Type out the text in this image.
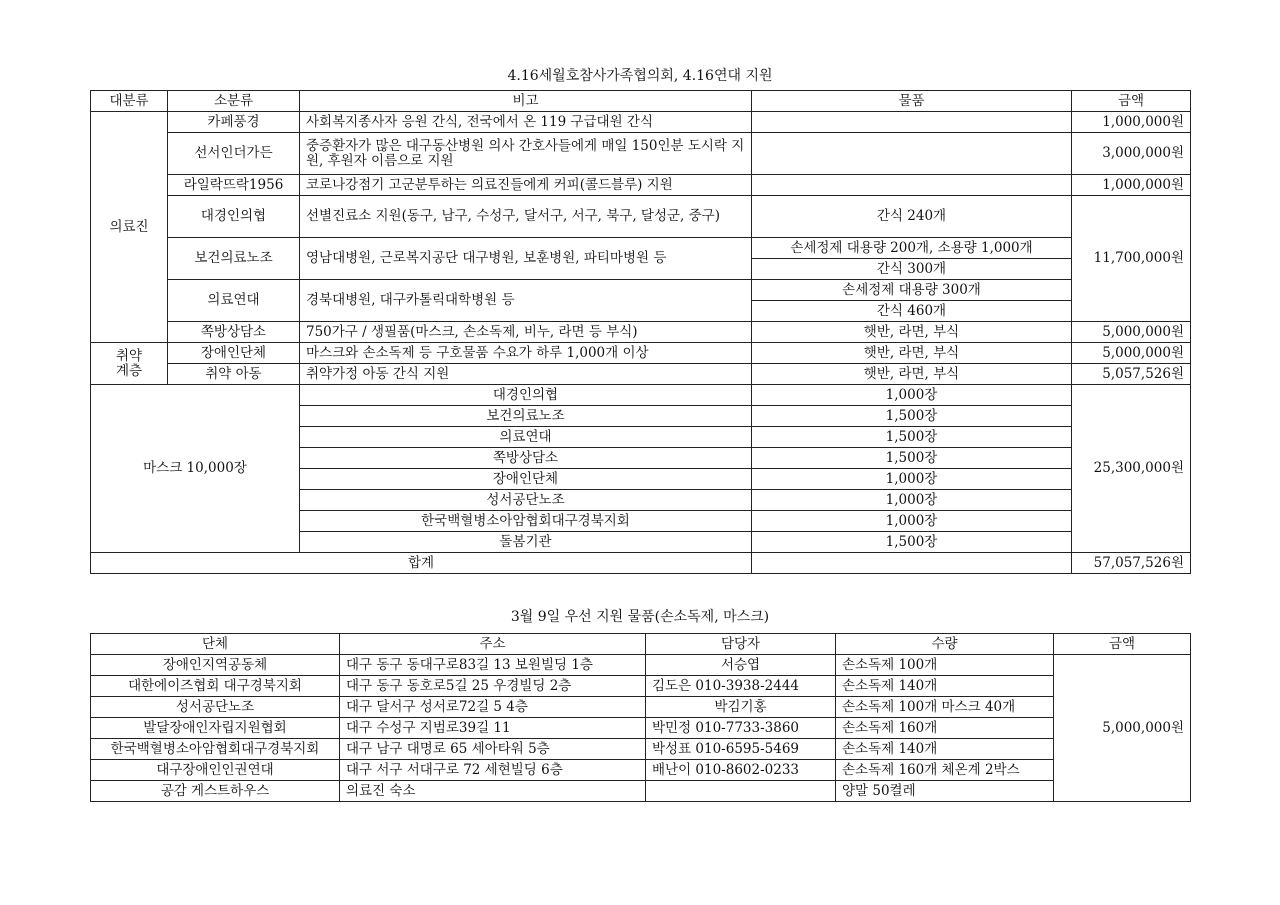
4.16세월호참사가족협의회, 4.16연대 지원
대분류	소분류	비고	물품	금액
의료진	카페풍경	사회복지종사자 응원 간식, 전국에서 온 119 구급대원 간식		1,000,000원
	선서인더가든	중증환자가 많은 대구동산병원 의사 간호사들에게 매일 150인분 도시락 지원, 후원자 이름으로 지원		3,000,000원
	라일락뜨락1956	코로나강점기 고군분투하는 의료진들에게 커피(콜드블루) 지원		1,000,000원
	대경인의협	선별진료소 지원(동구, 남구, 수성구, 달서구, 서구, 북구, 달성군, 중구)	간식 240개	11,700,000원
	보건의료노조	영남대병원, 근로복지공단 대구병원, 보훈병원, 파티마병원 등	손세정제 대용량 200개, 소용량 1,000개	
			간식 300개	
	의료연대	경북대병원, 대구카톨릭대학병원 등	손세정제 대용량 300개	
			간식 460개	
	쪽방상담소	750가구 / 생필품(마스크, 손소독제, 비누, 라면 등 부식)	햇반, 라면, 부식	5,000,000원
취약
계층	장애인단체	마스크와 손소독제 등 구호물품 수요가 하루 1,000개 이상	햇반, 라면, 부식	5,000,000원
	취약 아동	취약가정 아동 간식 지원	햇반, 라면, 부식	5,057,526원
마스크 10,000장		대경인의협	1,000장	25,300,000원
		보건의료노조	1,500장	
		의료연대	1,500장	
		쪽방상담소	1,500장	
		장애인단체	1,000장	
		성서공단노조	1,000장	
		한국백혈병소아암협회대구경북지회	1,000장	
		돌봄기관	1,500장	
합계				57,057,526원
3월 9일 우선 지원 물품(손소독제, 마스크)
단체	주소	담당자	수량	금액
장애인지역공동체	대구 동구 동대구로83길 13 보원빌딩 1층	서승엽	손소독제 100개	5,000,000원
대한에이즈협회 대구경북지회	대구 동구 동호로5길 25 우경빌딩 2층	김도은 010-3938-2444	손소독제 140개	
성서공단노조	대구 달서구 성서로72길 5 4층	박김기홍	손소독제 100개 마스크 40개	
발달장애인자립지원협회	대구 수성구 지범로39길 11	박민정 010-7733-3860	손소독제 160개	
한국백혈병소아암협회대구경북지회	대구 남구 대명로 65 세아타워 5층	박성표 010-6595-5469	손소독제 140개	
대구장애인인권연대	대구 서구 서대구로 72 세현빌딩 6층	배난이 010-8602-0233	손소독제 160개 체온계 2박스	
공감 게스트하우스	의료진 숙소		양말 50켤레	
